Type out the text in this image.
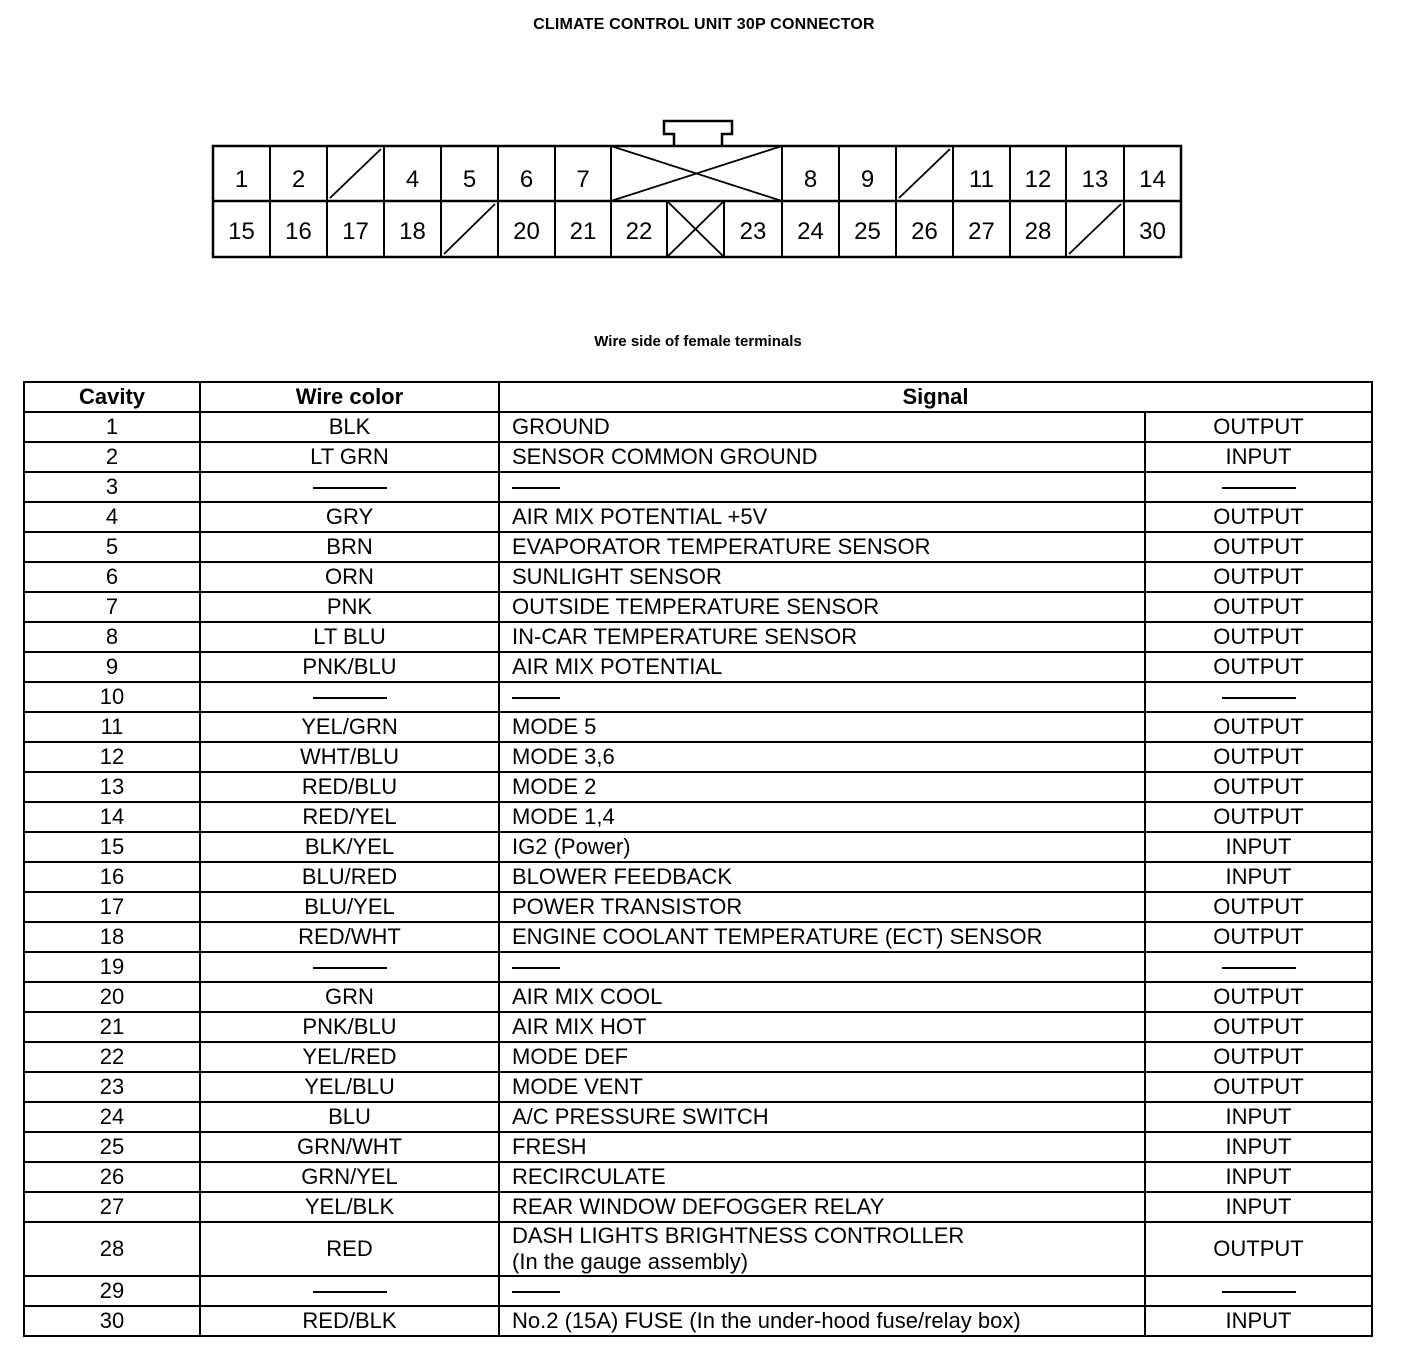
CLIMATE CONTROL UNIT 30P CONNECTOR
1 2	4 5 6 7	8 9	11 12 13 14
15 16 17 18	20 21 22	23 24 25 26 27 28	30
Wire side of female terminals
Cavity	Wire color	Signal	
1	BLK	GROUND	OUTPUT
2	LT GRN	SENSOR COMMON GROUND	INPUT
3			
4	GRY	AIR MIX POTENTIAL +5V	OUTPUT
5	BRN	EVAPORATOR TEMPERATURE SENSOR	OUTPUT
6	ORN	SUNLIGHT SENSOR	OUTPUT
7	PNK	OUTSIDE TEMPERATURE SENSOR	OUTPUT
8	LT BLU	IN-CAR TEMPERATURE SENSOR	OUTPUT
9	PNK/BLU	AIR MIX POTENTIAL	OUTPUT
10			
11	YEL/GRN	MODE 5	OUTPUT
12	WHT/BLU	MODE 3,6	OUTPUT
13	RED/BLU	MODE 2	OUTPUT
14	RED/YEL	MODE 1,4	OUTPUT
15	BLK/YEL	IG2 (Power)	INPUT
16	BLU/RED	BLOWER FEEDBACK	INPUT
17	BLU/YEL	POWER TRANSISTOR	OUTPUT
18	RED/WHT	ENGINE COOLANT TEMPERATURE (ECT) SENSOR	OUTPUT
19			
20	GRN	AIR MIX COOL	OUTPUT
21	PNK/BLU	AIR MIX HOT	OUTPUT
22	YEL/RED	MODE DEF	OUTPUT
23	YEL/BLU	MODE VENT	OUTPUT
24	BLU	A/C PRESSURE SWITCH	INPUT
25	GRN/WHT	FRESH	INPUT
26	GRN/YEL	RECIRCULATE	INPUT
27	YEL/BLK	REAR WINDOW DEFOGGER RELAY	INPUT
28	RED	DASH LIGHTS BRIGHTNESS CONTROLLER
(In the gauge assembly)	OUTPUT
29			
30	RED/BLK	No.2 (15A) FUSE (In the under-hood fuse/relay box)	INPUT
